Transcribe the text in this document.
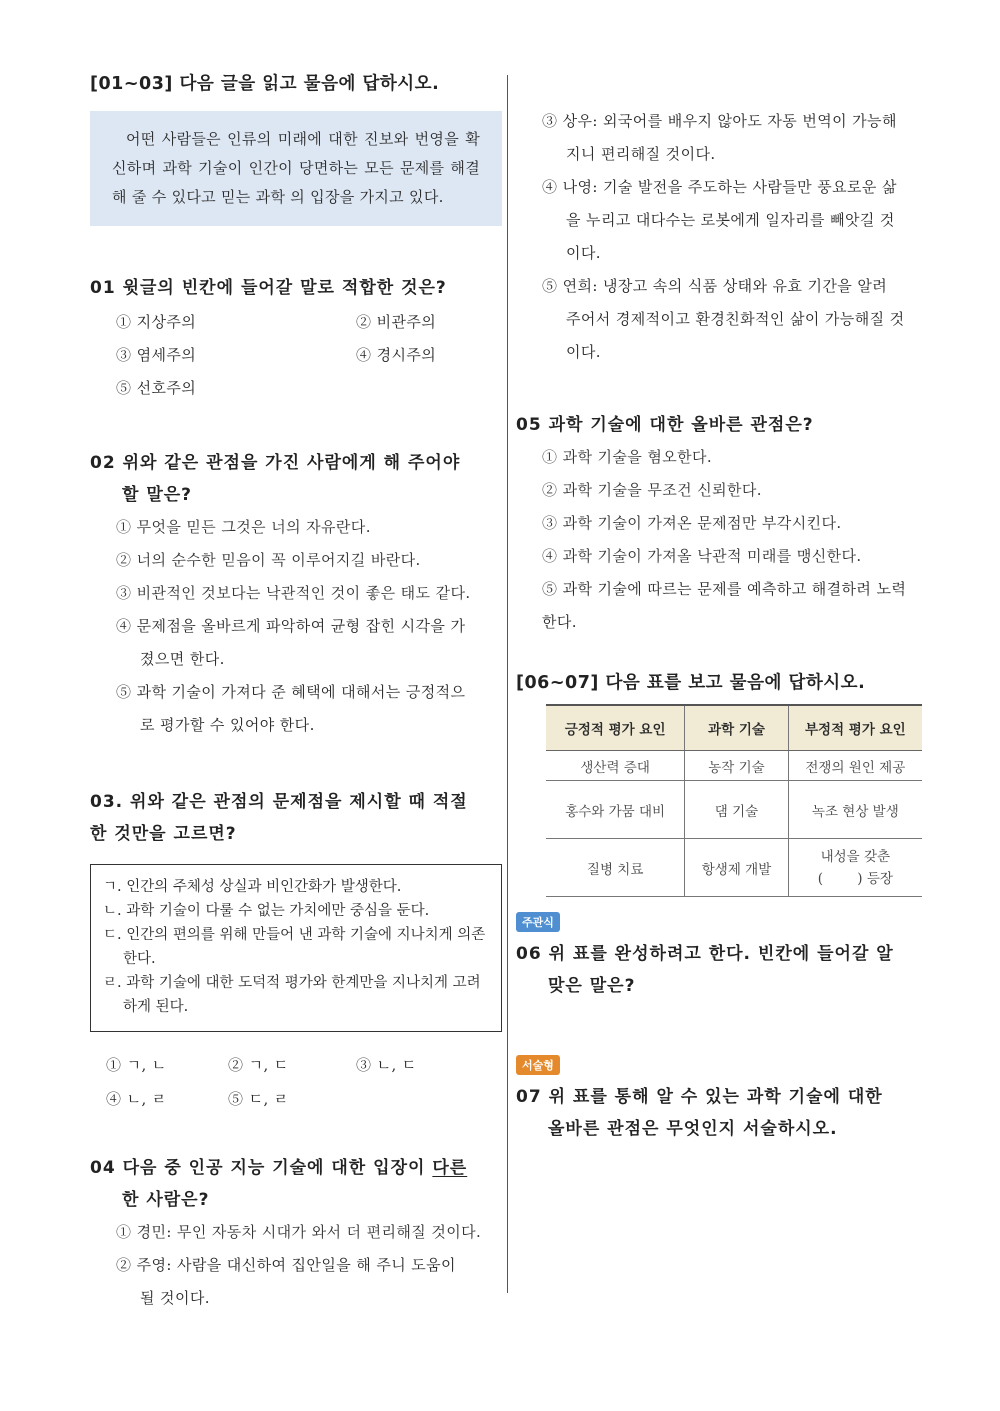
[01~03] 다음 글을 읽고 물음에 답하시오.

어떤 사람들은 인류의 미래에 대한 진보와 번영을 확신하며 과학 기술이 인간이 당면하는 모든 문제를 해결해 줄 수 있다고 믿는 과학 의 입장을 가지고 있다.

01 윗글의 빈칸에 들어갈 말로 적합한 것은?

① 지상주의	② 비관주의
③ 염세주의	④ 경시주의
⑤ 선호주의

02 위와 같은 관점을 가진 사람에게 해 주어야
할 말은?

① 무엇을 믿든 그것은 너의 자유란다.
② 너의 순수한 믿음이 꼭 이루어지길 바란다.
③ 비관적인 것보다는 낙관적인 것이 좋은 태도 같다.
④ 문제점을 올바르게 파악하여 균형 잡힌 시각을 가
졌으면 한다.
⑤ 과학 기술이 가져다 준 혜택에 대해서는 긍정적으
로 평가할 수 있어야 한다.

03. 위와 같은 관점의 문제점을 제시할 때 적절
한 것만을 고르면?

ㄱ. 인간의 주체성 상실과 비인간화가 발생한다.
ㄴ. 과학 기술이 다룰 수 없는 가치에만 중심을 둔다.
ㄷ. 인간의 편의를 위해 만들어 낸 과학 기술에 지나치게 의존한다.
ㄹ. 과학 기술에 대한 도덕적 평가와 한계만을 지나치게 고려하게 된다.
① ㄱ, ㄴ	② ㄱ, ㄷ	③ ㄴ, ㄷ
④ ㄴ, ㄹ	⑤ ㄷ, ㄹ

04 다음 중 인공 지능 기술에 대한 입장이 다른
한 사람은?

① 경민: 무인 자동차 시대가 와서 더 편리해질 것이다.
② 주영: 사람을 대신하여 집안일을 해 주니 도움이
될 것이다.
③ 상우: 외국어를 배우지 않아도 자동 번역이 가능해
지니 편리해질 것이다.
④ 나영: 기술 발전을 주도하는 사람들만 풍요로운 삶
을 누리고 대다수는 로봇에게 일자리를 빼앗길 것
이다.
⑤ 연희: 냉장고 속의 식품 상태와 유효 기간을 알려
주어서 경제적이고 환경친화적인 삶이 가능해질 것
이다.

05 과학 기술에 대한 올바른 관점은?

① 과학 기술을 혐오한다.
② 과학 기술을 무조건 신뢰한다.
③ 과학 기술이 가져온 문제점만 부각시킨다.
④ 과학 기술이 가져올 낙관적 미래를 맹신한다.
⑤ 과학 기술에 따르는 문제를 예측하고 해결하려 노력
한다.

[06~07] 다음 표를 보고 물음에 답하시오.

긍정적 평가 요인	과학 기술	부정적 평가 요인
생산력 증대	농작 기술	전쟁의 원인 제공
홍수와 가뭄 대비	댐 기술	녹조 현상 발생
질병 치료	항생제 개발	내성을 갖춘
(        ) 등장
주관식

06 위 표를 완성하려고 한다. 빈칸에 들어갈 알
맞은 말은?

서술형

07 위 표를 통해 알 수 있는 과학 기술에 대한
올바른 관점은 무엇인지 서술하시오.
